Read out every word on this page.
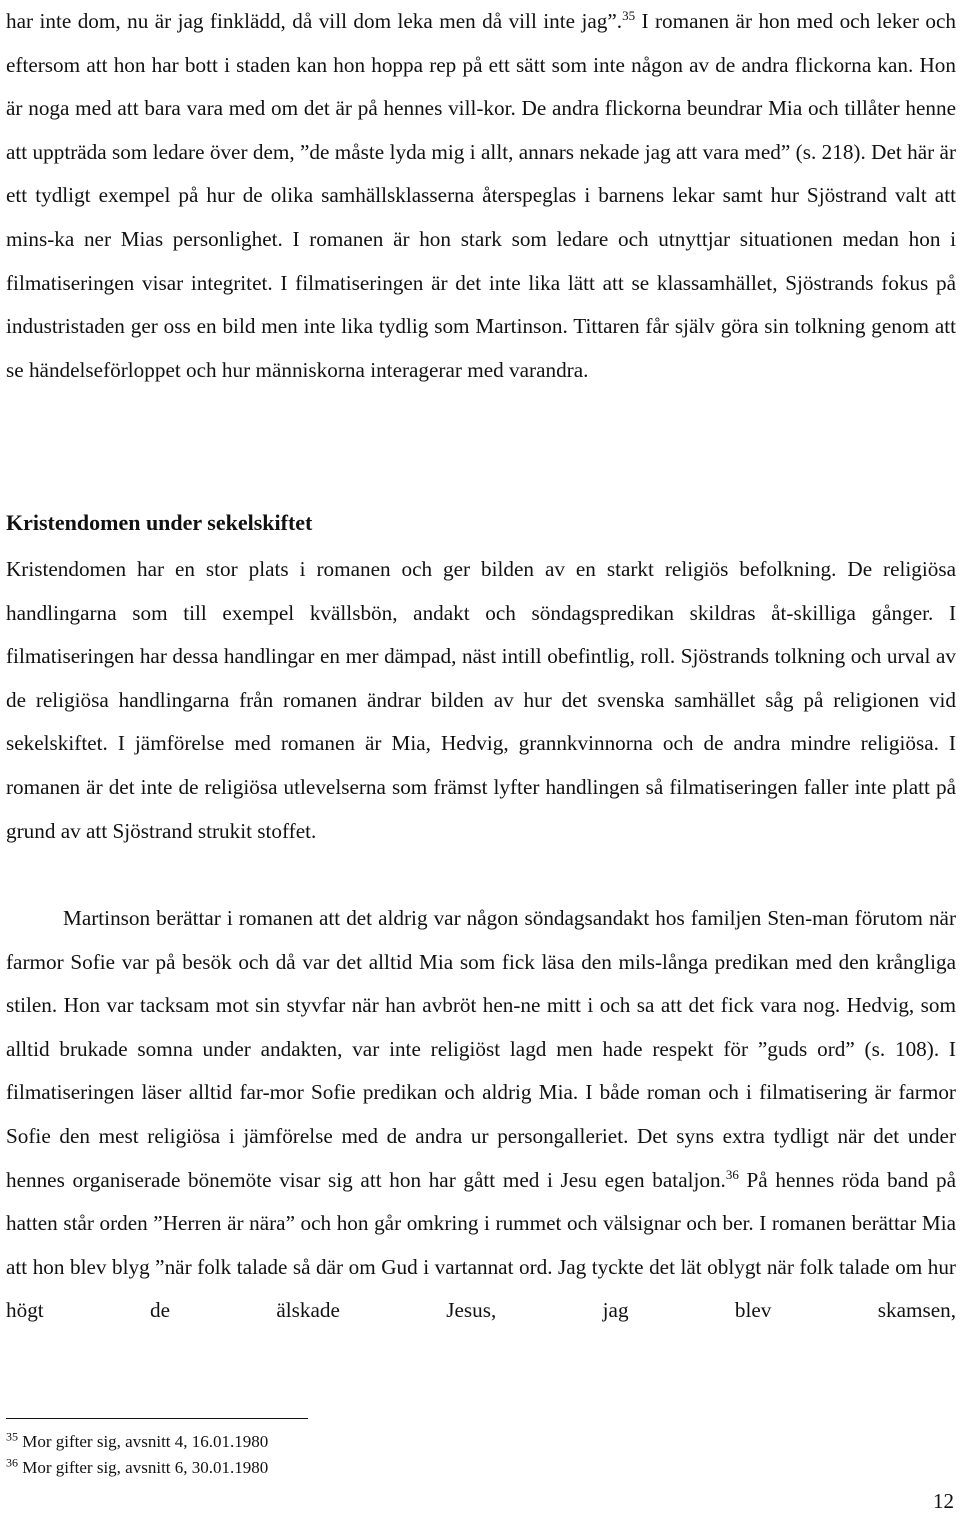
har inte dom, nu är jag finklädd, då vill dom leka men då vill inte jag”.$^{35}$ I romanen är hon med och leker och eftersom att hon har bott i staden kan hon hoppa rep på ett sätt som inte någon av de andra flickorna kan. Hon är noga med att bara vara med om det är på hennes vill-kor. De andra flickorna beundrar Mia och tillåter henne att uppträda som ledare över dem, ”de måste lyda mig i allt, annars nekade jag att vara med” (s. 218). Det här är ett tydligt exempel på hur de olika samhällsklasserna återspeglas i barnens lekar samt hur Sjöstrand valt att mins-ka ner Mias personlighet. I romanen är hon stark som ledare och utnyttjar situationen medan hon i filmatiseringen visar integritet. I filmatiseringen är det inte lika lätt att se klassamhället, Sjöstrands fokus på industristaden ger oss en bild men inte lika tydlig som Martinson. Tittaren får själv göra sin tolkning genom att se händelseförloppet och hur människorna interagerar med varandra.

Kristendomen under sekelskiftet

Kristendomen har en stor plats i romanen och ger bilden av en starkt religiös befolkning. De religiösa handlingarna som till exempel kvällsbön, andakt och söndagspredikan skildras åt-skilliga gånger. I filmatiseringen har dessa handlingar en mer dämpad, näst intill obefintlig, roll. Sjöstrands tolkning och urval av de religiösa handlingarna från romanen ändrar bilden av hur det svenska samhället såg på religionen vid sekelskiftet. I jämförelse med romanen är Mia, Hedvig, grannkvinnorna och de andra mindre religiösa. I romanen är det inte de religiösa utlevelserna som främst lyfter handlingen så filmatiseringen faller inte platt på grund av att Sjöstrand strukit stoffet.

Martinson berättar i romanen att det aldrig var någon söndagsandakt hos familjen Sten-man förutom när farmor Sofie var på besök och då var det alltid Mia som fick läsa den mils-långa predikan med den krångliga stilen. Hon var tacksam mot sin styvfar när han avbröt hen-ne mitt i och sa att det fick vara nog. Hedvig, som alltid brukade somna under andakten, var inte religiöst lagd men hade respekt för ”guds ord” (s. 108). I filmatiseringen läser alltid far-mor Sofie predikan och aldrig Mia. I både roman och i filmatisering är farmor Sofie den mest religiösa i jämförelse med de andra ur persongalleriet. Det syns extra tydligt när det under hennes organiserade bönemöte visar sig att hon har gått med i Jesu egen bataljon.$^{36}$ På hennes röda band på hatten står orden ”Herren är nära” och hon går omkring i rummet och välsignar och ber. I romanen berättar Mia att hon blev blyg ”när folk talade så där om Gud i vartannat ord. Jag tyckte det lät oblygt när folk talade om hur högt de älskade Jesus, jag blev skamsen,

$^{35}$ Mor gifter sig, avsnitt 4, 16.01.1980
$^{36}$ Mor gifter sig, avsnitt 6, 30.01.1980
12
